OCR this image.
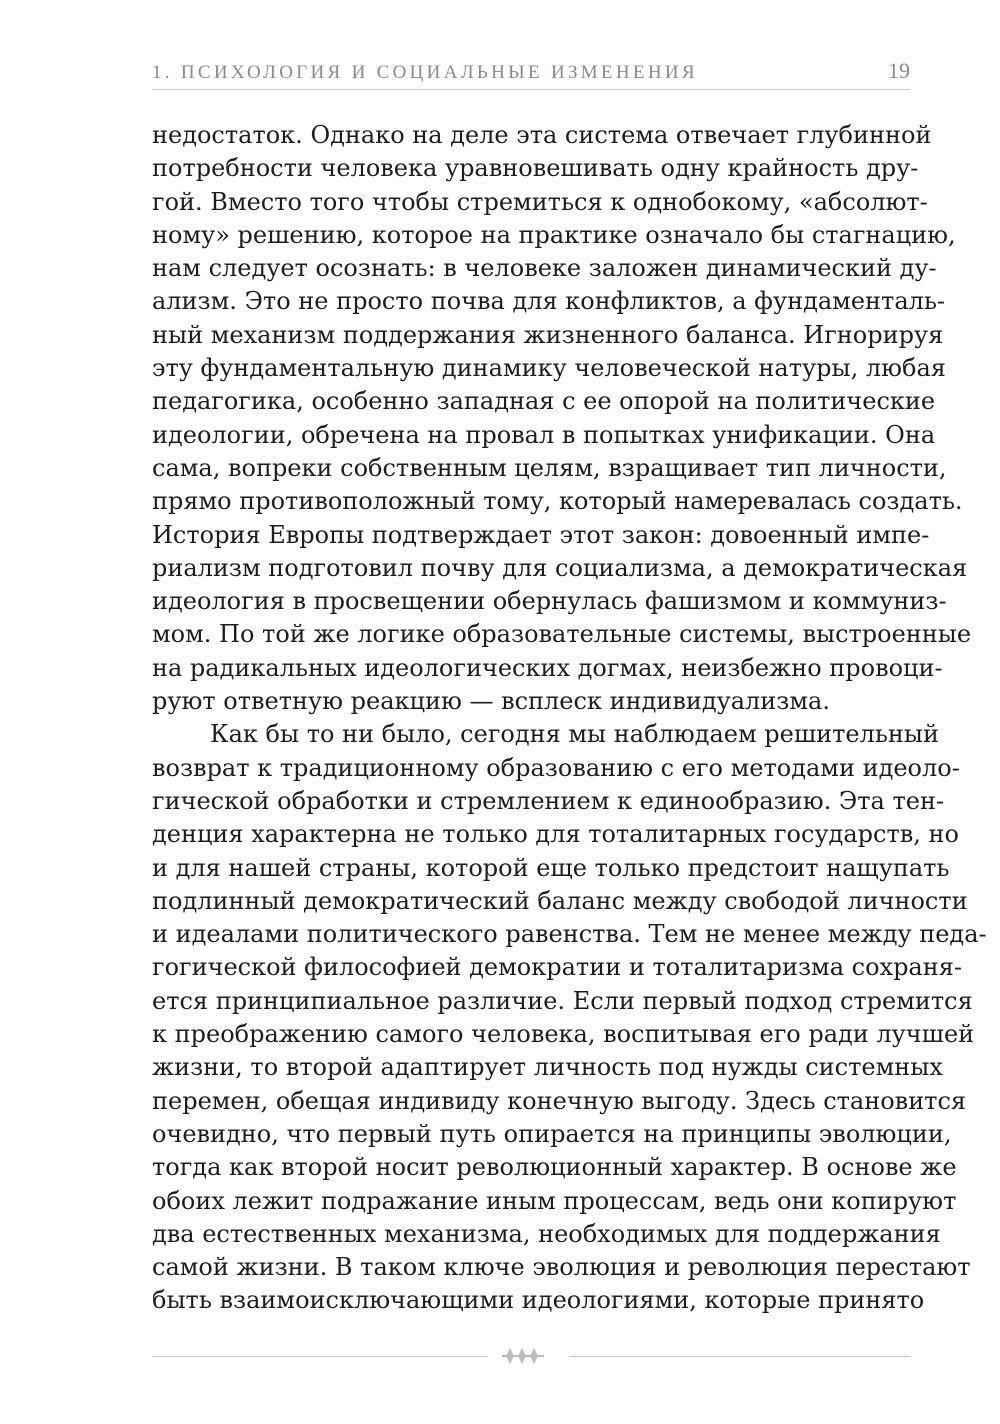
1. ПСИХОЛОГИЯ И СОЦИАЛЬНЫЕ ИЗМЕНЕНИЯ	19
недостаток. Однако на деле эта система отвечает глубинной
потребности человека уравновешивать одну крайность дру-
гой. Вместо того чтобы стремиться к однобокому, «абсолют-
ному» решению, которое на практике означало бы стагнацию,
нам следует осознать: в человеке заложен динамический ду-
ализм. Это не просто почва для конфликтов, а фундаменталь-
ный механизм поддержания жизненного баланса. Игнорируя
эту фундаментальную динамику человеческой натуры, любая
педагогика, особенно западная с ее опорой на политические
идеологии, обречена на провал в попытках унификации. Она
сама, вопреки собственным целям, взращивает тип личности,
прямо противоположный тому, который намеревалась создать.
История Европы подтверждает этот закон: довоенный импе-
риализм подготовил почву для социализма, а демократическая
идеология в просвещении обернулась фашизмом и коммуниз-
мом. По той же логике образовательные системы, выстроенные
на радикальных идеологических догмах, неизбежно провоци-
руют ответную реакцию — всплеск индивидуализма.
Как бы то ни было, сегодня мы наблюдаем решительный
возврат к традиционному образованию с его методами идеоло-
гической обработки и стремлением к единообразию. Эта тен-
денция характерна не только для тоталитарных государств, но
и для нашей страны, которой еще только предстоит нащупать
подлинный демократический баланс между свободой личности
и идеалами политического равенства. Тем не менее между педа-
гогической философией демократии и тоталитаризма сохраня-
ется принципиальное различие. Если первый подход стремится
к преображению самого человека, воспитывая его ради лучшей
жизни, то второй адаптирует личность под нужды системных
перемен, обещая индивиду конечную выгоду. Здесь становится
очевидно, что первый путь опирается на принципы эволюции,
тогда как второй носит революционный характер. В основе же
обоих лежит подражание иным процессам, ведь они копируют
два естественных механизма, необходимых для поддержания
самой жизни. В таком ключе эволюция и революция перестают
быть взаимоисключающими идеологиями, которые принято
